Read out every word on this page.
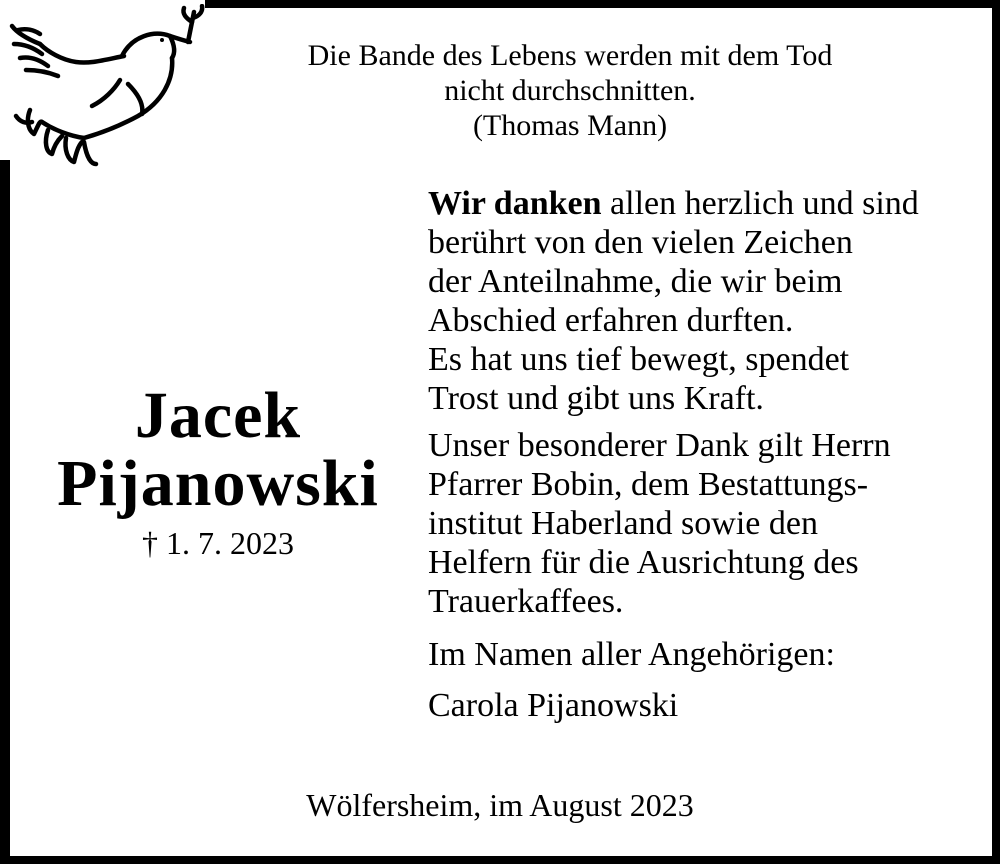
Die Bande des Lebens werden mit dem Tod
nicht durchschnitten.
(Thomas Mann)
Wir danken allen herzlich und sind
berührt von den vielen Zeichen
der Anteilnahme, die wir beim
Abschied erfahren durften.
Es hat uns tief bewegt, spendet
Trost und gibt uns Kraft.
Unser besonderer Dank gilt Herrn
Pfarrer Bobin, dem Bestattungs-
institut Haberland sowie den
Helfern für die Ausrichtung des
Trauerkaffees.
Im Namen aller Angehörigen:
Carola Pijanowski
Jacek
Pijanowski
† 1. 7. 2023
Wölfersheim, im August 2023
